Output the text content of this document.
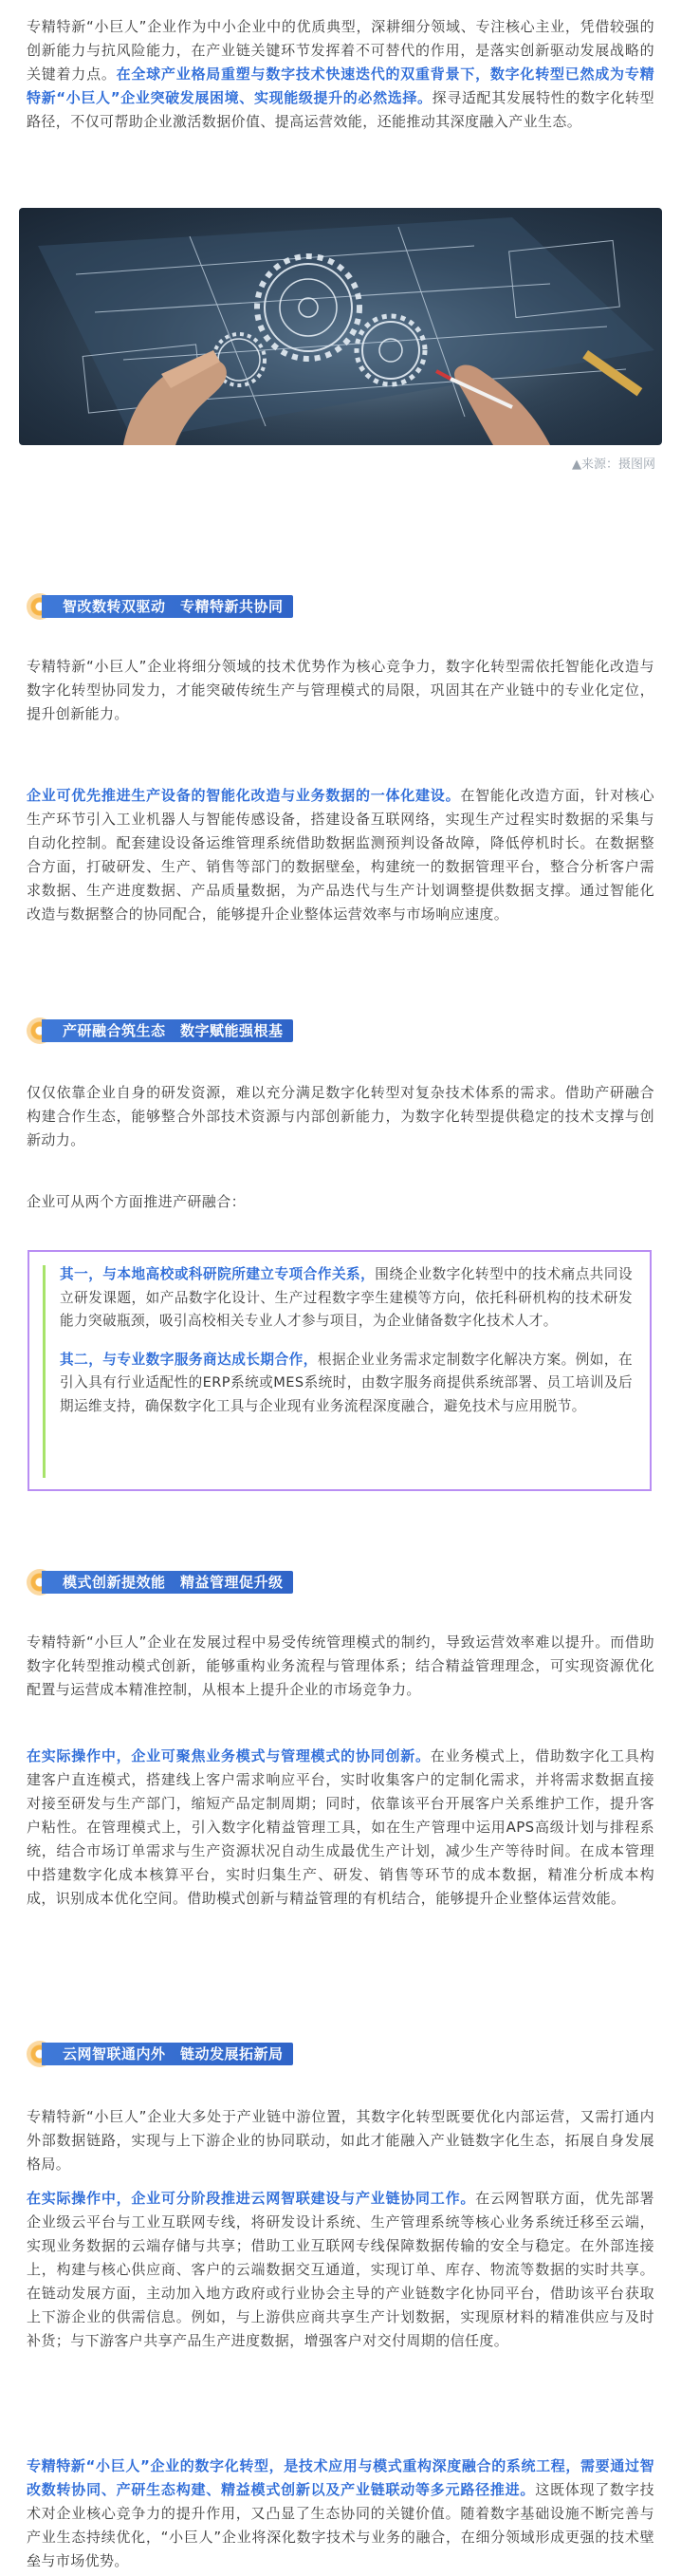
专精特新“小巨人”企业作为中小企业中的优质典型，深耕细分领域、专注核心主业，凭借较强的创新能力与抗风险能力，在产业链关键环节发挥着不可替代的作用，是落实创新驱动发展战略的关键着力点。在全球产业格局重塑与数字技术快速迭代的双重背景下，数字化转型已然成为专精特新“小巨人”企业突破发展困境、实现能级提升的必然选择。探寻适配其发展特性的数字化转型路径，不仅可帮助企业激活数据价值、提高运营效能，还能推动其深度融入产业生态。

▲来源：摄图网
智改数转双驱动　专精特新共协同

专精特新“小巨人”企业将细分领域的技术优势作为核心竞争力，数字化转型需依托智能化改造与数字化转型协同发力，才能突破传统生产与管理模式的局限，巩固其在产业链中的专业化定位，提升创新能力。

企业可优先推进生产设备的智能化改造与业务数据的一体化建设。在智能化改造方面，针对核心生产环节引入工业机器人与智能传感设备，搭建设备互联网络，实现生产过程实时数据的采集与自动化控制。配套建设设备运维管理系统借助数据监测预判设备故障，降低停机时长。在数据整合方面，打破研发、生产、销售等部门的数据壁垒，构建统一的数据管理平台，整合分析客户需求数据、生产进度数据、产品质量数据，为产品迭代与生产计划调整提供数据支撑。通过智能化改造与数据整合的协同配合，能够提升企业整体运营效率与市场响应速度。

产研融合筑生态　数字赋能强根基

仅仅依靠企业自身的研发资源，难以充分满足数字化转型对复杂技术体系的需求。借助产研融合构建合作生态，能够整合外部技术资源与内部创新能力，为数字化转型提供稳定的技术支撑与创新动力。

企业可从两个方面推进产研融合：

其一，与本地高校或科研院所建立专项合作关系，围绕企业数字化转型中的技术痛点共同设立研发课题，如产品数字化设计、生产过程数字孪生建模等方向，依托科研机构的技术研发能力突破瓶颈，吸引高校相关专业人才参与项目，为企业储备数字化技术人才。

其二，与专业数字服务商达成长期合作，根据企业业务需求定制数字化解决方案。例如，在引入具有行业适配性的ERP系统或MES系统时，由数字服务商提供系统部署、员工培训及后期运维支持，确保数字化工具与企业现有业务流程深度融合，避免技术与应用脱节。

模式创新提效能　精益管理促升级

专精特新“小巨人”企业在发展过程中易受传统管理模式的制约，导致运营效率难以提升。而借助数字化转型推动模式创新，能够重构业务流程与管理体系；结合精益管理理念，可实现资源优化配置与运营成本精准控制，从根本上提升企业的市场竞争力。

在实际操作中，企业可聚焦业务模式与管理模式的协同创新。在业务模式上，借助数字化工具构建客户直连模式，搭建线上客户需求响应平台，实时收集客户的定制化需求，并将需求数据直接对接至研发与生产部门，缩短产品定制周期；同时，依靠该平台开展客户关系维护工作，提升客户粘性。在管理模式上，引入数字化精益管理工具，如在生产管理中运用APS高级计划与排程系统，结合市场订单需求与生产资源状况自动生成最优生产计划，减少生产等待时间。在成本管理中搭建数字化成本核算平台，实时归集生产、研发、销售等环节的成本数据，精准分析成本构成，识别成本优化空间。借助模式创新与精益管理的有机结合，能够提升企业整体运营效能。

云网智联通内外　链动发展拓新局

专精特新“小巨人”企业大多处于产业链中游位置，其数字化转型既要优化内部运营，又需打通内外部数据链路，实现与上下游企业的协同联动，如此才能融入产业链数字化生态，拓展自身发展格局。

在实际操作中，企业可分阶段推进云网智联建设与产业链协同工作。在云网智联方面，优先部署企业级云平台与工业互联网专线，将研发设计系统、生产管理系统等核心业务系统迁移至云端，实现业务数据的云端存储与共享；借助工业互联网专线保障数据传输的安全与稳定。在外部连接上，构建与核心供应商、客户的云端数据交互通道，实现订单、库存、物流等数据的实时共享。在链动发展方面，主动加入地方政府或行业协会主导的产业链数字化协同平台，借助该平台获取上下游企业的供需信息。例如，与上游供应商共享生产计划数据，实现原材料的精准供应与及时补货；与下游客户共享产品生产进度数据，增强客户对交付周期的信任度。

专精特新“小巨人”企业的数字化转型，是技术应用与模式重构深度融合的系统工程，需要通过智改数转协同、产研生态构建、精益模式创新以及产业链联动等多元路径推进。这既体现了数字技术对企业核心竞争力的提升作用，又凸显了生态协同的关键价值。随着数字基础设施不断完善与产业生态持续优化，“小巨人”企业将深化数字技术与业务的融合，在细分领域形成更强的技术壁垒与市场优势。
